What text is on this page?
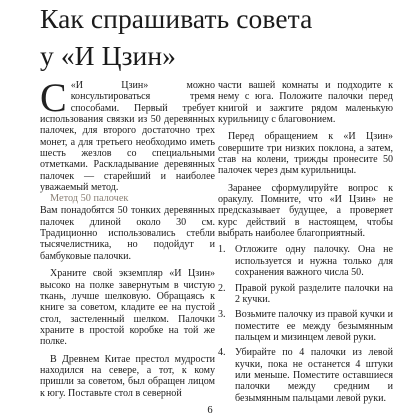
Как спрашивать совета
у «И Цзин»

С «И Цзин» можно консультироваться тремя способами. Первый требует использования связки из 50 деревянных палочек, для второго достаточно трех монет, а для третьего необходимо иметь шесть жезлов со специальными отметками. Раскладывание деревянных палочек — старейший и наиболее уважаемый метод.

Метод 50 палочек

Вам понадобятся 50 тонких деревянных палочек длиной около 30 см. Традиционно использовались стебли тысячелистника, но подойдут и бамбуковые палочки.

Храните свой экземпляр «И Цзин» высоко на полке завернутым в чистую ткань, лучше шелковую. Обращаясь к книге за советом, кладите ее на пустой стол, застеленный шелком. Палочки храните в простой коробке на той же полке.

В Древнем Китае престол мудрости находился на севере, а тот, к кому пришли за советом, был обращен лицом к югу. Поставьте стол в северной

части вашей комнаты и подходите к нему с юга. Положите палочки перед книгой и зажгите рядом маленькую курильницу с благовонием.

Перед обращением к «И Цзин» совершите три низких поклона, а затем, став на колени, трижды пронесите 50 палочек через дым курильницы.

Заранее сформулируйте вопрос к оракулу. Помните, что «И Цзин» не предсказывает будущее, а проверяет курс действий в настоящем, чтобы выбрать наиболее благоприятный.

1. Отложите одну палочку. Она не используется и нужна только для сохранения важного числа 50.
2. Правой рукой разделите палочки на 2 кучки.
3. Возьмите палочку из правой кучки и поместите ее между безымянным пальцем и мизинцем левой руки.
4. Убирайте по 4 палочки из левой кучки, пока не останется 4 штуки или меньше. Поместите оставшиеся палочки между средним и безымянным пальцами левой руки.
6
